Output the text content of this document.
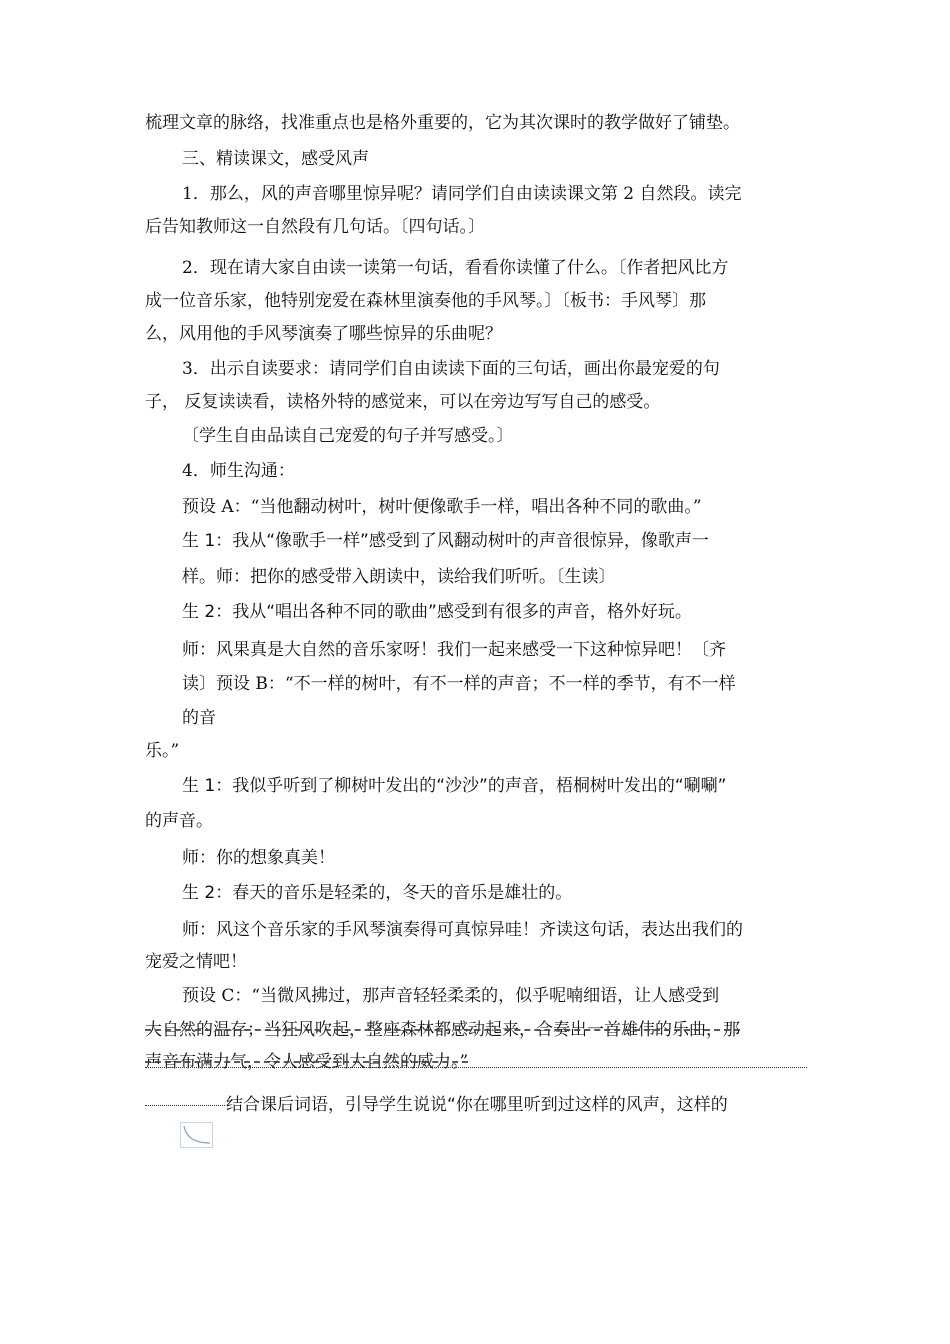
梳理文章的脉络，找准重点也是格外重要的，它为其次课时的教学做好了铺垫。
三、精读课文，感受风声
1．那么，风的声音哪里惊异呢？请同学们自由读读课文第 2 自然段。读完
后告知教师这一自然段有几句话。〔四句话。〕
2．现在请大家自由读一读第一句话，看看你读懂了什么。〔作者把风比方
成一位音乐家，他特别宠爱在森林里演奏他的手风琴。〕〔板书：手风琴〕那
么，风用他的手风琴演奏了哪些惊异的乐曲呢？
3．出示自读要求：请同学们自由读读下面的三句话，画出你最宠爱的句
子， 反复读读看，读格外特的感觉来，可以在旁边写写自己的感受。
〔学生自由品读自己宠爱的句子并写感受。〕
4．师生沟通：
预设 A：“当他翻动树叶，树叶便像歌手一样，唱出各种不同的歌曲。”
生 1：我从“像歌手一样”感受到了风翻动树叶的声音很惊异，像歌声一
样。师：把你的感受带入朗读中，读给我们听听。〔生读〕
生 2：我从“唱出各种不同的歌曲”感受到有很多的声音，格外好玩。
师：风果真是大自然的音乐家呀！我们一起来感受一下这种惊异吧！〔齐
读〕预设 B：“不一样的树叶，有不一样的声音；不一样的季节，有不一样
的音
乐。”
生 1：我似乎听到了柳树叶发出的“沙沙”的声音，梧桐树叶发出的“唰唰”
的声音。
师：你的想象真美！
生 2：春天的音乐是轻柔的，冬天的音乐是雄壮的。
师：风这个音乐家的手风琴演奏得可真惊异哇！齐读这句话，表达出我们的
宠爱之情吧！
预设 C：“当微风拂过，那声音轻轻柔柔的，似乎呢喃细语，让人感受到
大自然的温存；当狂风吹起，整座森林都感动起来，合奏出一首雄伟的乐曲，那
声音布满力气，令人感受到大自然的威力。”
结合课后词语，引导学生说说“你在哪里听到过这样的风声，这样的
